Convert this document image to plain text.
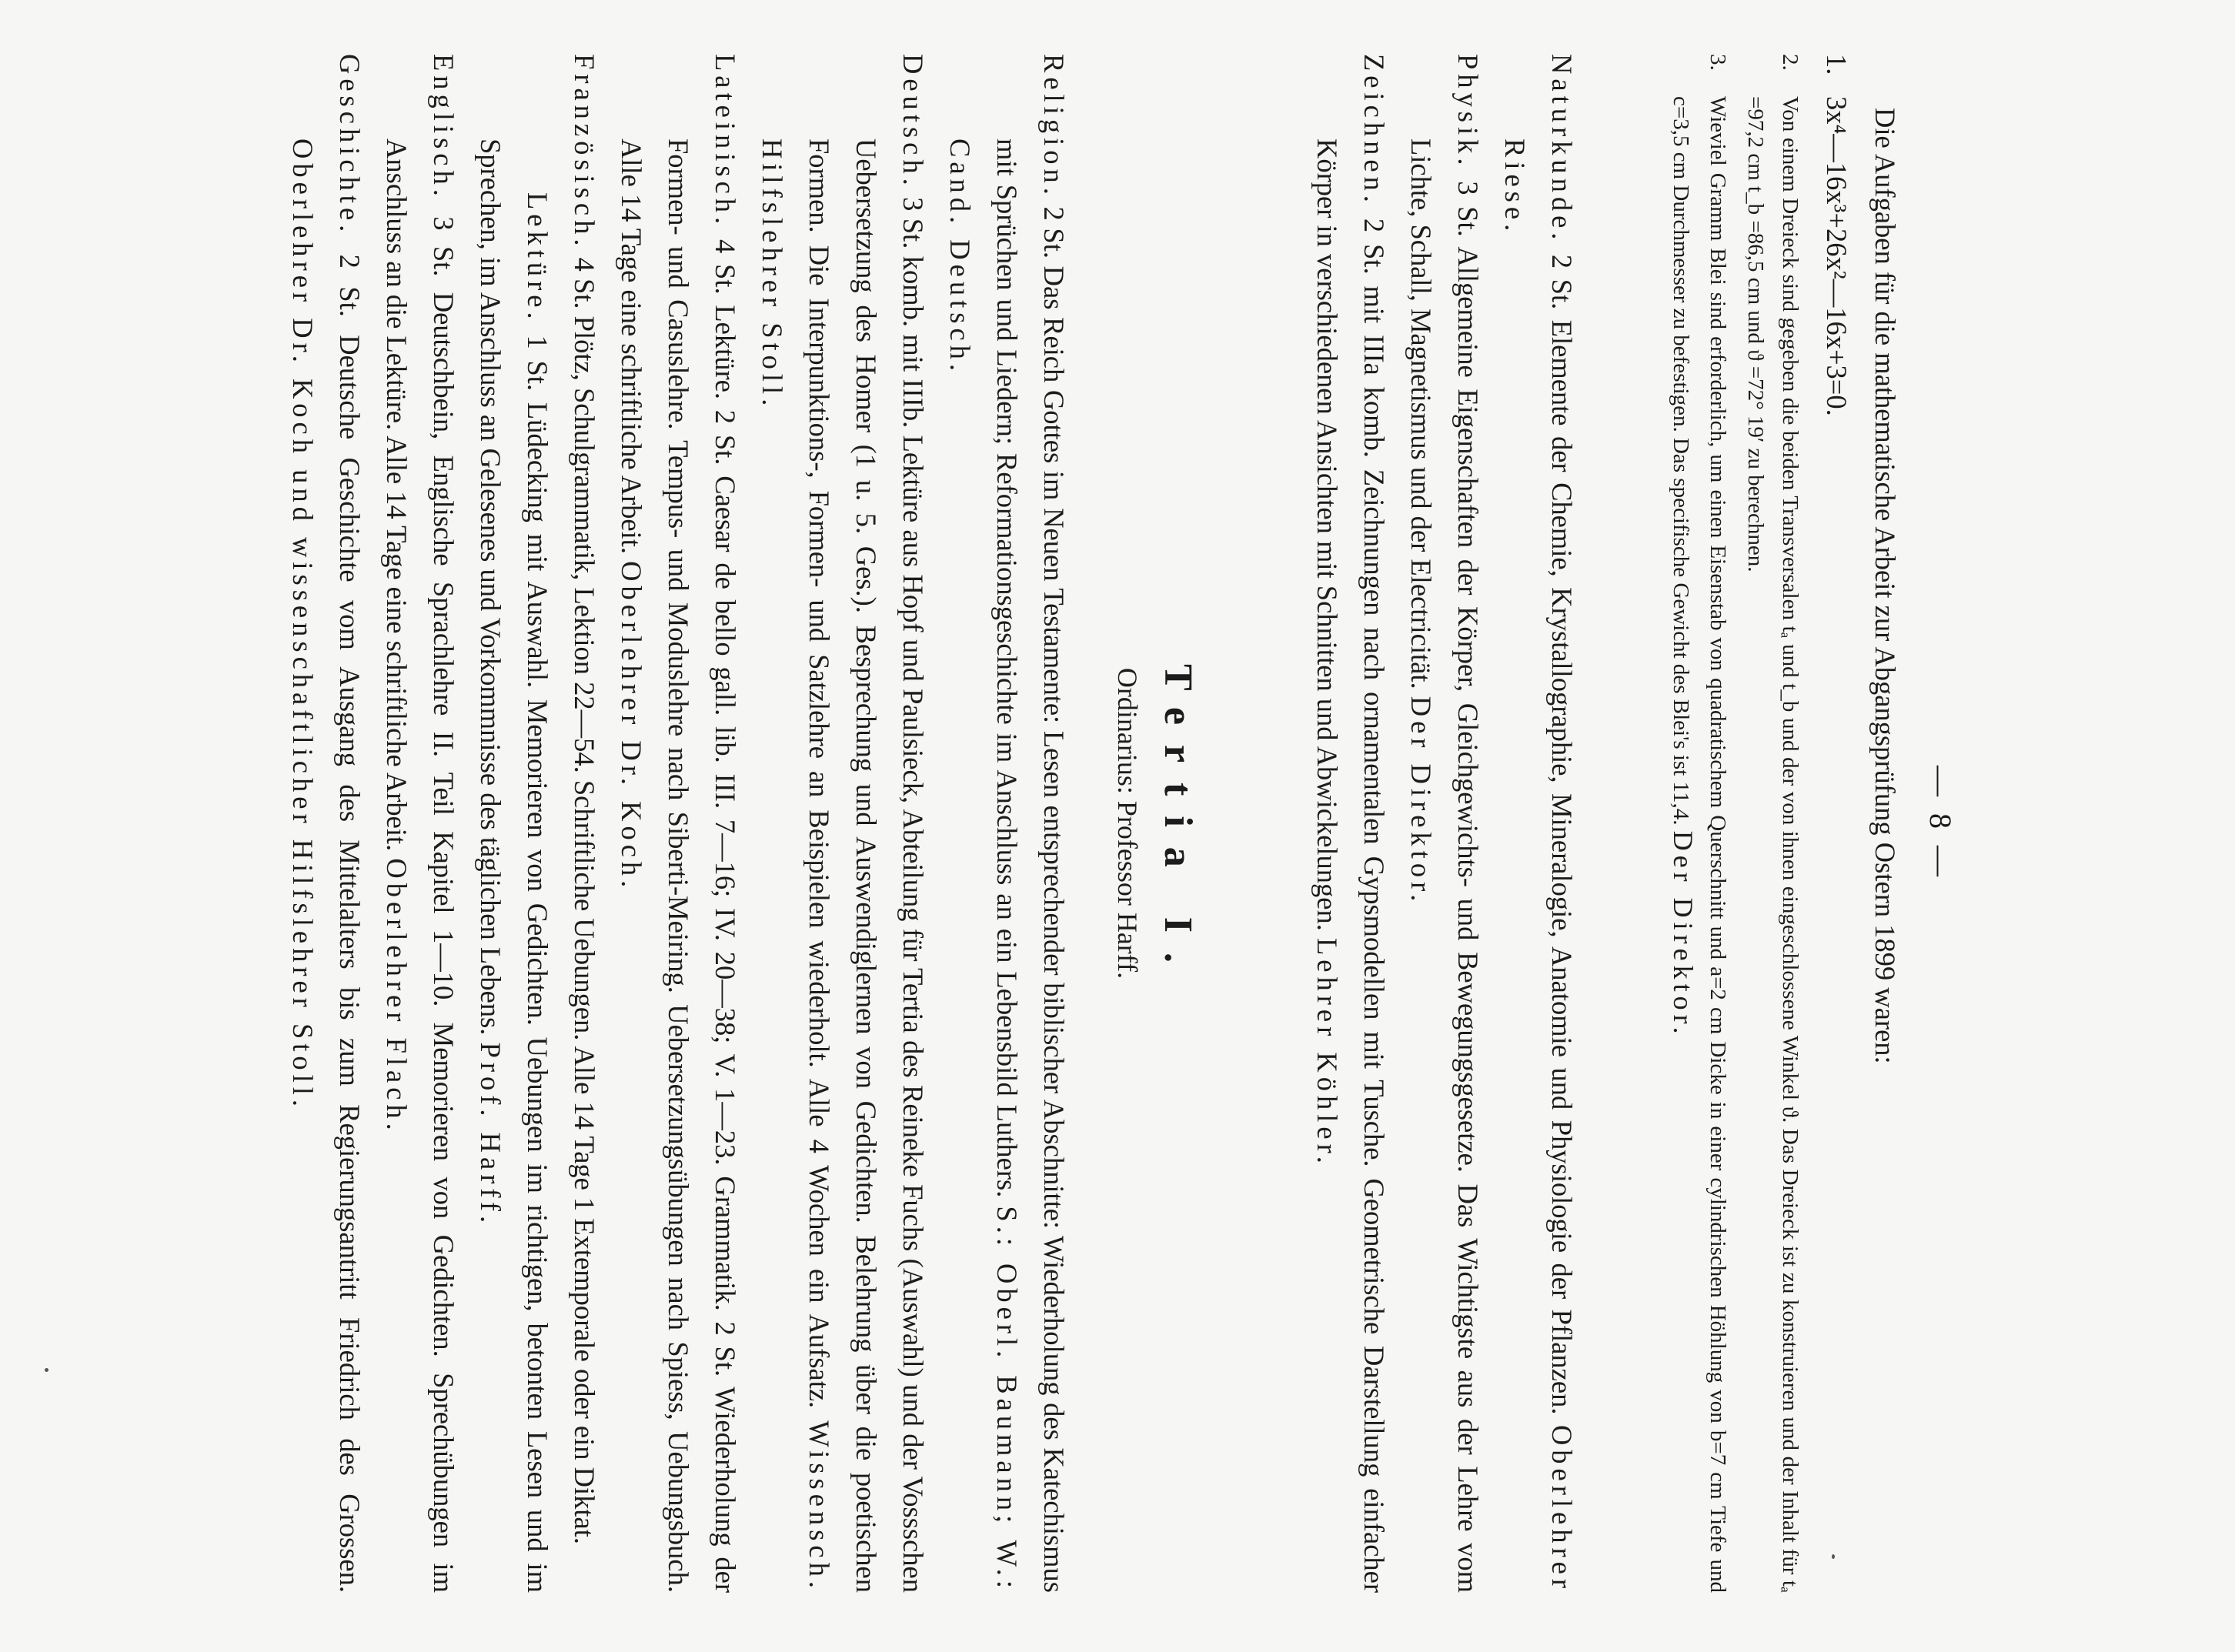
— 8 —

Die Aufgaben für die mathematische Arbeit zur Abgangsprüfung Ostern 1899 waren:

1.
3x⁴—16x³+26x²—16x+3=0.
2.
Von einem Dreieck sind gegeben die beiden Transversalen tₐ und t_b und der von ihnen eingeschlossene Winkel ϑ. Das Dreieck ist zu konstruieren und der Inhalt für tₐ =97,2 cm t_b =86,5 cm und ϑ =72° 19′ zu berechnen.
3.
Wieviel Gramm Blei sind erforderlich, um einen Eisenstab von quadratischem Querschnitt und a=2 cm Dicke in einer cylindrischen Höhlung von b=7 cm Tiefe und c=3,5 cm Durchmesser zu befestigen. Das specifische Gewicht des Blei's ist 11,4. Der Direktor.

Naturkunde. 2 St. Elemente der Chemie, Krystallographie, Mineralogie, Anatomie und Physiologie der Pflanzen. Oberlehrer Riese.

Physik. 3 St. Allgemeine Eigenschaften der Körper, Gleichgewichts- und Bewegungsgesetze. Das Wichtigste aus der Lehre vom Lichte, Schall, Magnetismus und der Electricität. Der Direktor.

Zeichnen. 2 St. mit IIIa komb. Zeichnungen nach ornamentalen Gypsmodellen mit Tusche. Geometrische Darstellung einfacher Körper in verschiedenen Ansichten mit Schnitten und Abwickelungen. Lehrer Köhler.

Tertia I.
Ordinarius: Professor Harff.

Religion. 2 St. Das Reich Gottes im Neuen Testamente: Lesen entsprechender biblischer Abschnitte: Wiederholung des Katechismus mit Sprüchen und Liedern; Reformationsgeschichte im Anschluss an ein Lebensbild Luthers. S.: Oberl. Baumann; W.: Cand. Deutsch.

Deutsch. 3 St. komb. mit IIIb. Lektüre aus Hopf und Paulsieck, Abteilung für Tertia des Reineke Fuchs (Auswahl) und der Vossschen Uebersetzung des Homer (1 u. 5. Ges.). Besprechung und Auswendiglernen von Gedichten. Belehrung über die poetischen Formen. Die Interpunktions-, Formen- und Satzlehre an Beispielen wiederholt. Alle 4 Wochen ein Aufsatz. Wissensch. Hilfslehrer Stoll.

Lateinisch. 4 St. Lektüre. 2 St. Caesar de bello gall. lib. III. 7—16; IV. 20—38; V. 1—23. Grammatik. 2 St. Wiederholung der Formen- und Casuslehre. Tempus- und Moduslehre nach Siberti-Meiring. Uebersetzungsübungen nach Spiess, Uebungsbuch. Alle 14 Tage eine schriftliche Arbeit. Oberlehrer Dr. Koch.

Französisch. 4 St. Plötz, Schulgrammatik, Lektion 22—54. Schriftliche Uebungen. Alle 14 Tage 1 Extemporale oder ein Diktat.

Lektüre. 1 St. Lüdecking mit Auswahl. Memorieren von Gedichten. Uebungen im richtigen, betonten Lesen und im Sprechen, im Anschluss an Gelesenes und Vorkommnisse des täglichen Lebens. Prof. Harff.

Englisch. 3 St. Deutschbein, Englische Sprachlehre II. Teil Kapitel 1—10. Memorieren von Gedichten. Sprechübungen im Anschluss an die Lektüre. Alle 14 Tage eine schriftliche Arbeit. Oberlehrer Flach.

Geschichte. 2 St. Deutsche Geschichte vom Ausgang des Mittelalters bis zum Regierungsantritt Friedrich des Grossen. Oberlehrer Dr. Koch und wissenschaftlicher Hilfslehrer Stoll.
